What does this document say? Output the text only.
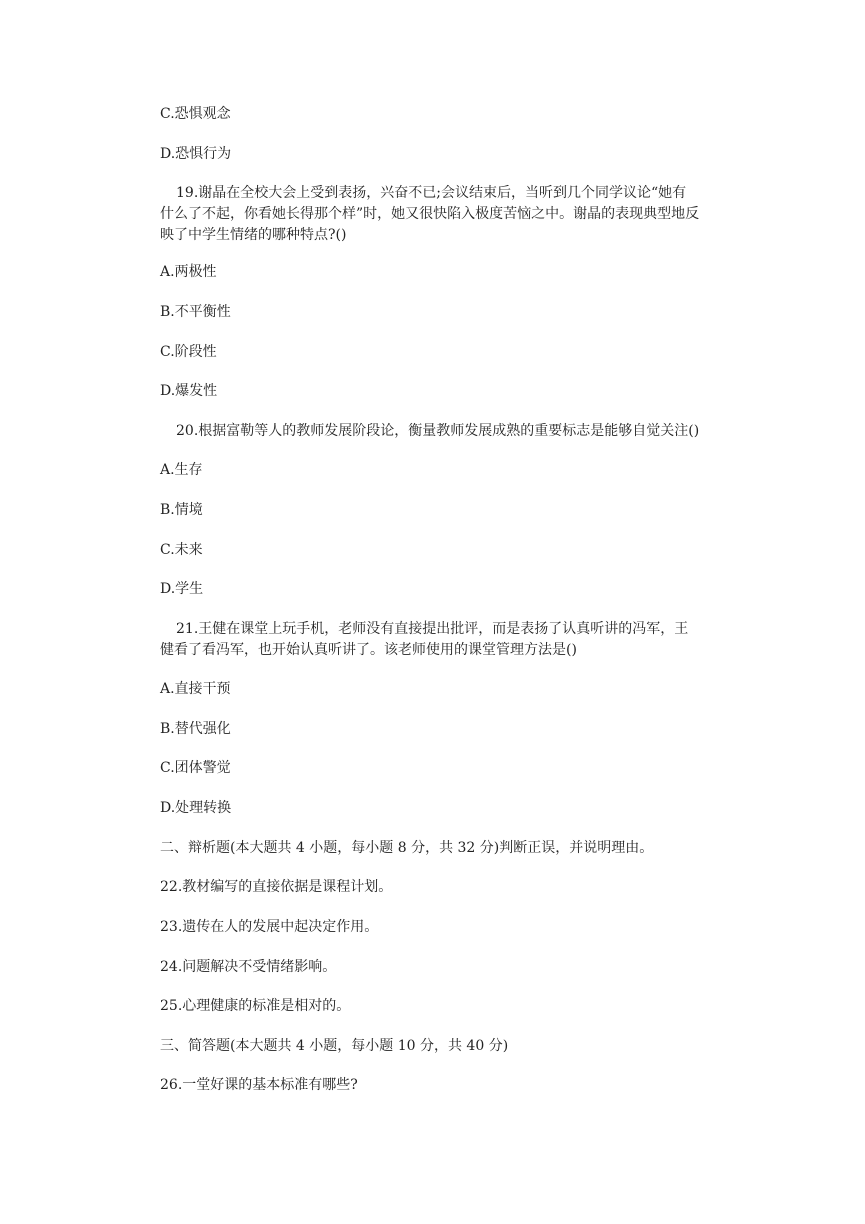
C.恐惧观念
D.恐惧行为
19.谢晶在全校大会上受到表扬，兴奋不已;会议结束后，当听到几个同学议论“她有
什么了不起，你看她长得那个样”时，她又很快陷入极度苦恼之中。谢晶的表现典型地反
映了中学生情绪的哪种特点?()
A.两极性
B.不平衡性
C.阶段性
D.爆发性
20.根据富勒等人的教师发展阶段论，衡量教师发展成熟的重要标志是能够自觉关注()
A.生存
B.情境
C.未来
D.学生
21.王健在课堂上玩手机，老师没有直接提出批评，而是表扬了认真听讲的冯军，王
健看了看冯军，也开始认真听讲了。该老师使用的课堂管理方法是()
A.直接干预
B.替代强化
C.团体警觉
D.处理转换
二、辩析题(本大题共 4 小题，每小题 8 分，共 32 分)判断正误，并说明理由。
22.教材编写的直接依据是课程计划。
23.遗传在人的发展中起决定作用。
24.问题解决不受情绪影响。
25.心理健康的标准是相对的。
三、简答题(本大题共 4 小题，每小题 10 分，共 40 分)
26.一堂好课的基本标准有哪些?
